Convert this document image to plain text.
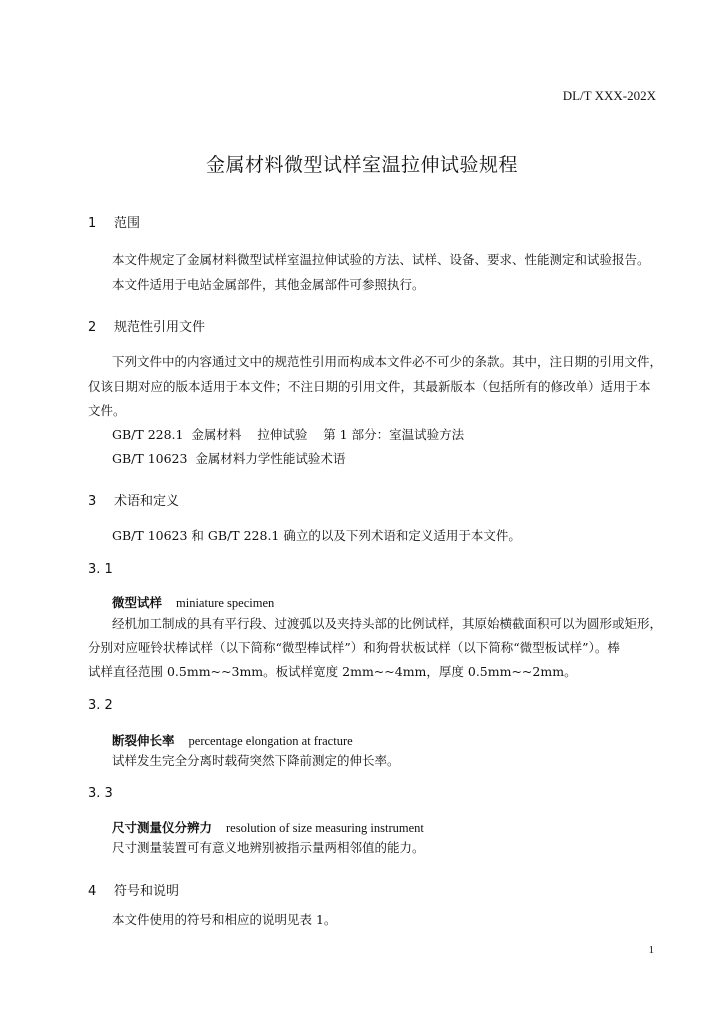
DL/T XXX-202X
金属材料微型试样室温拉伸试验规程
1 范围
本文件规定了金属材料微型试样室温拉伸试验的方法、试样、设备、要求、性能测定和试验报告。
本文件适用于电站金属部件，其他金属部件可参照执行。
2 规范性引用文件
下列文件中的内容通过文中的规范性引用而构成本文件必不可少的条款。其中，注日期的引用文件，
仅该日期对应的版本适用于本文件；不注日期的引用文件，其最新版本（包括所有的修改单）适用于本
文件。
GB/T 228.1  金属材料    拉伸试验    第 1 部分：室温试验方法
GB/T 10623  金属材料力学性能试验术语
3 术语和定义
GB/T 10623 和 GB/T 228.1 确立的以及下列术语和定义适用于本文件。
3. 1
微型试样 miniature specimen
经机加工制成的具有平行段、过渡弧以及夹持头部的比例试样，其原始横截面积可以为圆形或矩形，
分别对应哑铃状棒试样（以下简称“微型棒试样”）和狗骨状板试样（以下简称“微型板试样”）。棒
试样直径范围 0.5mm~~3mm。板试样宽度 2mm~~4mm，厚度 0.5mm~~2mm。
3. 2
断裂伸长率 percentage elongation at fracture
试样发生完全分离时载荷突然下降前测定的伸长率。
3. 3
尺寸测量仪分辨力 resolution of size measuring instrument
尺寸测量装置可有意义地辨别被指示量两相邻值的能力。
4 符号和说明
本文件使用的符号和相应的说明见表 1。
1
